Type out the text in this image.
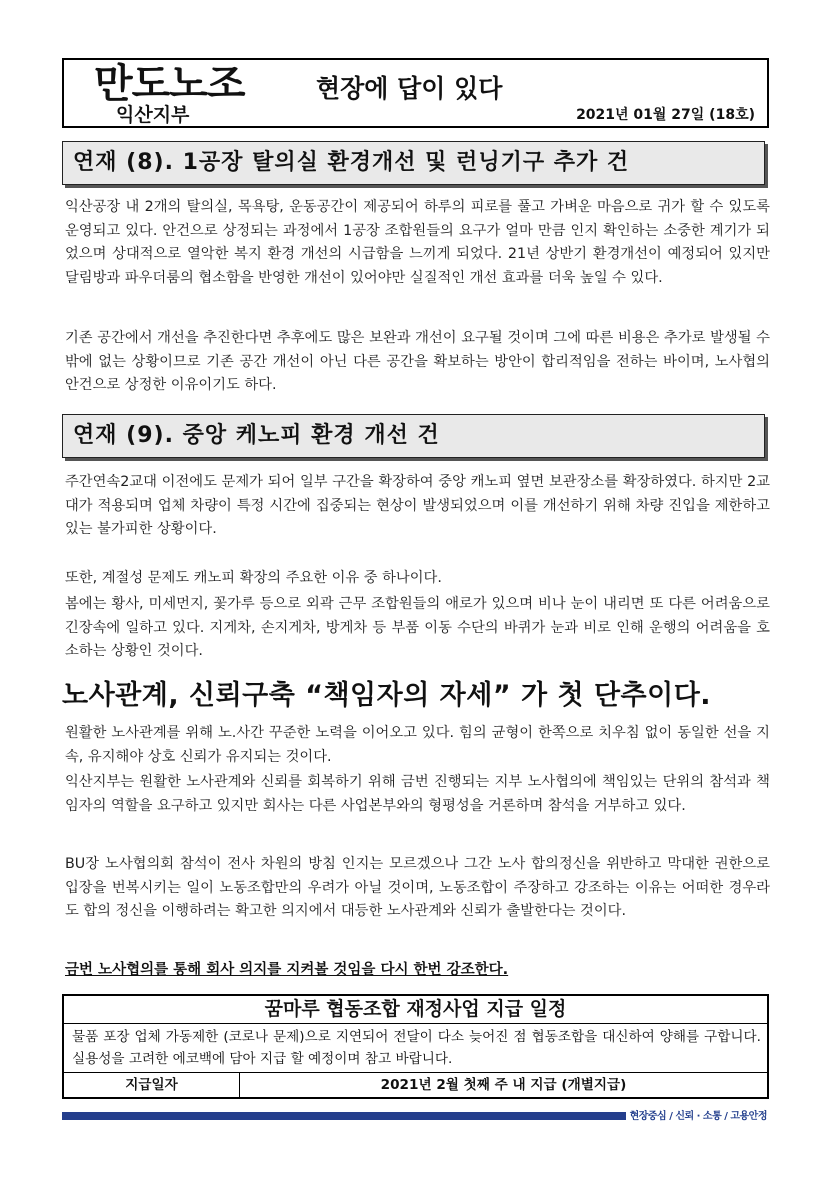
만도노조
익산지부
현장에 답이 있다
2021년 01월 27일 (18호)
연재 (8). 1공장 탈의실 환경개선 및 런닝기구 추가 건

익산공장 내 2개의 탈의실, 목욕탕, 운동공간이 제공되어 하루의 피로를 풀고 가벼운 마음으로 귀가 할 수 있도록 운영되고 있다. 안건으로 상정되는 과정에서 1공장 조합원들의 요구가 얼마 만큼 인지 확인하는 소중한 계기가 되었으며 상대적으로 열악한 복지 환경 개선의 시급함을 느끼게 되었다. 21년 상반기 환경개선이 예정되어 있지만 달림방과 파우더룸의 협소함을 반영한 개선이 있어야만 실질적인 개선 효과를 더욱 높일 수 있다.

기존 공간에서 개선을 추진한다면 추후에도 많은 보완과 개선이 요구될 것이며 그에 따른 비용은 추가로 발생될 수밖에 없는 상황이므로 기존 공간 개선이 아닌 다른 공간을 확보하는 방안이 합리적임을 전하는 바이며, 노사협의 안건으로 상정한 이유이기도 하다.

연재 (9). 중앙 케노피 환경 개선 건

주간연속2교대 이전에도 문제가 되어 일부 구간을 확장하여 중앙 캐노피 옆면 보관장소를 확장하였다. 하지만 2교대가 적용되며 업체 차량이 특정 시간에 집중되는 현상이 발생되었으며 이를 개선하기 위해 차량 진입을 제한하고 있는 불가피한 상황이다.

또한, 계절성 문제도 캐노피 확장의 주요한 이유 중 하나이다.

봄에는 황사, 미세먼지, 꽃가루 등으로 외곽 근무 조합원들의 애로가 있으며 비나 눈이 내리면 또 다른 어려움으로 긴장속에 일하고 있다. 지게차, 손지게차, 방게차 등 부품 이동 수단의 바퀴가 눈과 비로 인해 운행의 어려움을 호소하는 상황인 것이다.

노사관계, 신뢰구축 “책임자의 자세” 가 첫 단추이다.

원활한 노사관계를 위해 노.사간 꾸준한 노력을 이어오고 있다. 힘의 균형이 한쪽으로 치우침 없이 동일한 선을 지속, 유지해야 상호 신뢰가 유지되는 것이다.

익산지부는 원활한 노사관계와 신뢰를 회복하기 위해 금번 진행되는 지부 노사협의에 책임있는 단위의 참석과 책임자의 역할을 요구하고 있지만 회사는 다른 사업본부와의 형평성을 거론하며 참석을 거부하고 있다.

BU장 노사협의회 참석이 전사 차원의 방침 인지는 모르겠으나 그간 노사 합의정신을 위반하고 막대한 권한으로 입장을 번복시키는 일이 노동조합만의 우려가 아닐 것이며, 노동조합이 주장하고 강조하는 이유는 어떠한 경우라도 합의 정신을 이행하려는 확고한 의지에서 대등한 노사관계와 신뢰가 출발한다는 것이다.

금번 노사협의를 통해 회사 의지를 지켜볼 것임을 다시 한번 강조한다.
꿈마루 협동조합 재정사업 지급 일정
물품 포장 업체 가동제한 (코로나 문제)으로 지연되어 전달이 다소 늦어진 점 협동조합을 대신하여 양해를 구합니다. 실용성을 고려한 에코백에 담아 지급 할 예정이며 참고 바랍니다.
지급일자	2021년 2월 첫째 주 내 지급 (개별지급)
현장중심 / 신뢰 · 소통 / 고용안정
